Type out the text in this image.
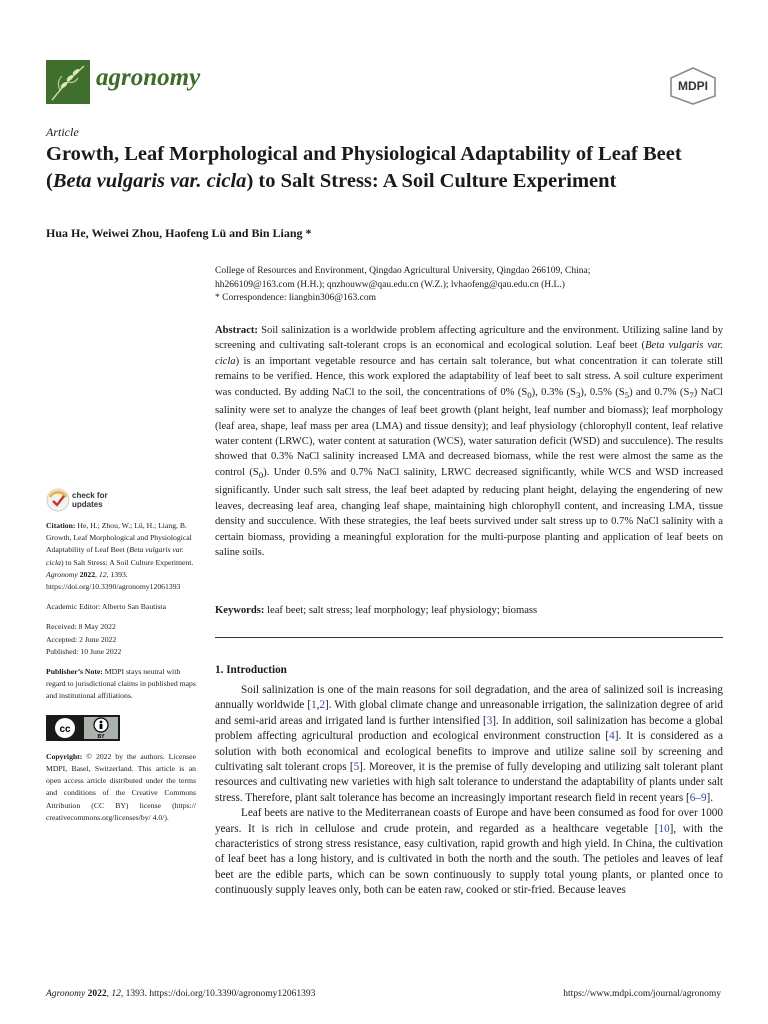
agronomy	MDPI
Article
Growth, Leaf Morphological and Physiological Adaptability of Leaf Beet (Beta vulgaris var. cicla) to Salt Stress: A Soil Culture Experiment
Hua He, Weiwei Zhou, Haofeng Lü and Bin Liang *
College of Resources and Environment, Qingdao Agricultural University, Qingdao 266109, China;
hh266109@163.com (H.H.); qnzhouww@qau.edu.cn (W.Z.); lvhaofeng@qau.edu.cn (H.L.)
* Correspondence: liangbin306@163.com
Abstract: Soil salinization is a worldwide problem affecting agriculture and the environment. Utilizing saline land by screening and cultivating salt-tolerant crops is an economical and ecological solution. Leaf beet (Beta vulgaris var. cicla) is an important vegetable resource and has certain salt tolerance, but what concentration it can tolerate still remains to be verified. Hence, this work explored the adaptability of leaf beet to salt stress. A soil culture experiment was conducted. By adding NaCl to the soil, the concentrations of 0% $(S_0)$, 0.3% $(S_3)$, 0.5% $(S_5)$ and 0.7% $(S_7)$ NaCl salinity were set to analyze the changes of leaf beet growth (plant height, leaf number and biomass); leaf morphology (leaf area, shape, leaf mass per area (LMA) and tissue density); and leaf physiology (chlorophyll content, leaf relative water content (LRWC), water content at saturation (WCS), water saturation deficit (WSD) and succulence). The results showed that 0.3% NaCl salinity increased LMA and decreased biomass, while the rest were almost the same as the control $(S_0)$. Under 0.5% and 0.7% NaCl salinity, LRWC decreased significantly, while WCS and WSD increased significantly. Under such salt stress, the leaf beet adapted by reducing plant height, delaying the engendering of new leaves, decreasing leaf area, changing leaf shape, maintaining high chlorophyll content, and increasing LMA, tissue density and succulence. With these strategies, the leaf beets survived under salt stress up to 0.7% NaCl salinity with a certain biomass, providing a meaningful exploration for the multi-purpose planting and application of leaf beets on saline soils.
Keywords: leaf beet; salt stress; leaf morphology; leaf physiology; biomass
1. Introduction

Soil salinization is one of the main reasons for soil degradation, and the area of salinized soil is increasing annually worldwide [1,2]. With global climate change and unreasonable irrigation, the salinization degree of arid and semi-arid areas and irrigated land is further intensified [3]. In addition, soil salinization has become a global problem affecting agricultural production and ecological environment construction [4]. It is considered as a solution with both economical and ecological benefits to improve and utilize saline soil by screening and cultivating salt tolerant crops [5]. Moreover, it is the premise of fully developing and utilizing salt tolerant plant resources and cultivating new varieties with high salt tolerance to understand the adaptability of plants under salt stress. Therefore, plant salt tolerance has become an increasingly important research field in recent years [6–9].

Leaf beets are native to the Mediterranean coasts of Europe and have been consumed as food for over 1000 years. It is rich in cellulose and crude protein, and regarded as a healthcare vegetable [10], with the characteristics of strong stress resistance, easy cultivation, rapid growth and high yield. In China, the cultivation of leaf beet has a long history, and is cultivated in both the north and the south. The petioles and leaves of leaf beet are the edible parts, which can be sown continuously to supply total young plants, or planted once to continuously supply leaves only, both can be eaten raw, cooked or stir-fried. Because leaves

check for
updates
Citation: He, H.; Zhou, W.; Lü, H.; Liang, B. Growth, Leaf Morphological and Physiological Adaptability of Leaf Beet (Beta vulgaris var. cicla) to Salt Stress: A Soil Culture Experiment. Agronomy 2022, 12, 1393. https://doi.org/10.3390/agronomy12061393
Academic Editor: Alberto San Bautista
Received: 8 May 2022
Accepted: 2 June 2022
Published: 10 June 2022
Publisher’s Note: MDPI stays neutral with regard to jurisdictional claims in published maps and institutional affiliations.
cc
BY
Copyright: © 2022 by the authors. Licensee MDPI, Basel, Switzerland. This article is an open access article distributed under the terms and conditions of the Creative Commons Attribution (CC BY) license (https:// creativecommons.org/licenses/by/ 4.0/).
Agronomy 2022, 12, 1393. https://doi.org/10.3390/agronomy12061393	https://www.mdpi.com/journal/agronomy
